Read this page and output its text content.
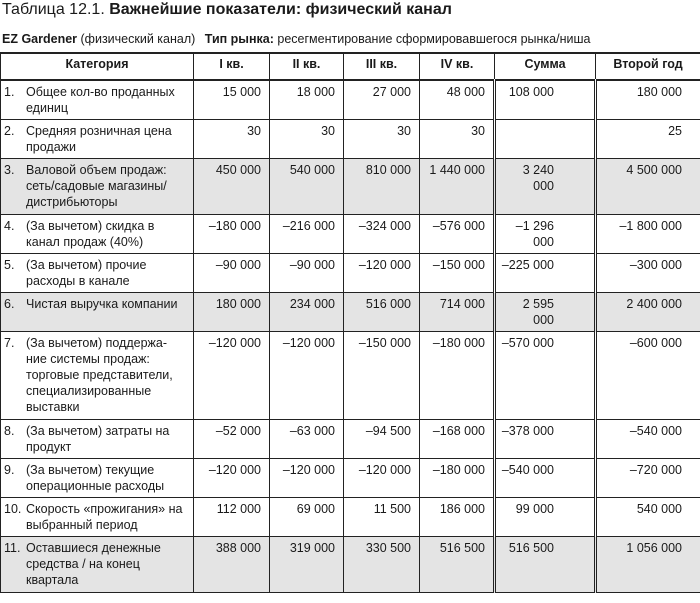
Таблица 12.1. Важнейшие показатели: физический канал
EZ Gardener (физический канал) Тип рынка: ресегментирование сформировавшегося рынка/ниша
Категория	I кв.	II кв.	III кв.	IV кв.	Сумма	Второй год

1. Общее кол-во проданных единиц	15 000	18 000	27 000	48 000	108 000	180 000

2. Средняя розничная цена продажи	30	30	30	30		25

3. Валовой объем продаж: сеть/садовые магазины/дистрибьюторы	450 000	540 000	810 000	1 440 000	3 240 000	4 500 000

4. (За вычетом) скидка в канал продаж (40%)	–180 000	–216 000	–324 000	–576 000	–1 296 000	–1 800 000

5. (За вычетом) прочие расходы в канале	–90 000	–90 000	–120 000	–150 000	–225 000	–300 000

6. Чистая выручка компании	180 000	234 000	516 000	714 000	2 595 000	2 400 000

7. (За вычетом) поддержа-ние системы продаж: торговые представители, специализированные выставки	–120 000	–120 000	–150 000	–180 000	–570 000	–600 000

8. (За вычетом) затраты на продукт	–52 000	–63 000	–94 500	–168 000	–378 000	–540 000

9. (За вычетом) текущие операционные расходы	–120 000	–120 000	–120 000	–180 000	–540 000	–720 000

10. Скорость «прожигания» на выбранный период	112 000	69 000	11 500	186 000	99 000	540 000

11. Оставшиеся денежные средства / на конец квартала	388 000	319 000	330 500	516 500	516 500	1 056 000
